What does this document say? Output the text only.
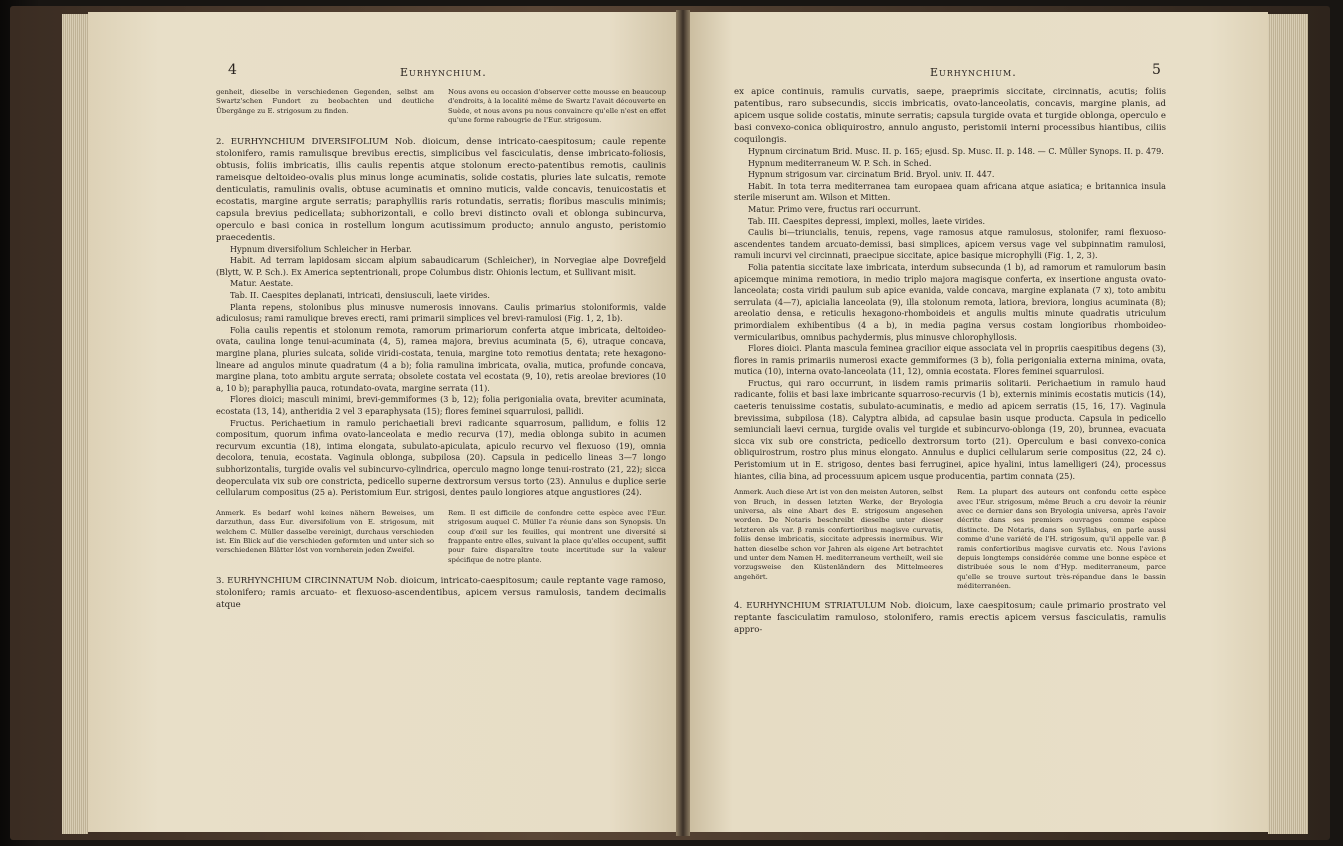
4	Eurhynchium.
genheit, dieselbe in verschiedenen Gegenden, selbst am Swartz'schen Fundort zu beobachten und deutliche Übergänge zu E. strigosum zu finden.
Nous avons eu occasion d'observer cette mousse en beaucoup d'endroits, à la localité même de Swartz l'avait découverte en Suède, et nous avons pu nous convaincre qu'elle n'est en effet qu'une forme rabougrie de l'Eur. strigosum.
2. EURHYNCHIUM DIVERSIFOLIUM Nob. dioicum, dense intricato-caespitosum; caule repente stolonifero, ramis ramulisque brevibus erectis, simplicibus vel fasciculatis, dense imbricato-foliosis, obtusis, foliis imbricatis, illis caulis repentis atque stolonum erecto-patentibus remotis, caulinis rameisque deltoideo-ovalis plus minus longe acuminatis, solide costatis, pluries late sulcatis, remote denticulatis, ramulinis ovalis, obtuse acuminatis et omnino muticis, valde concavis, tenuicostatis et ecostatis, margine argute serratis; paraphylliis raris rotundatis, serratis; floribus masculis minimis; capsula brevius pedicellata; subhorizontali, e collo brevi distincto ovali et oblonga subincurva, operculo e basi conica in rostellum longum acutissimum producto; annulo angusto, peristomio praecedentis.

Hypnum diversifolium Schleicher in Herbar.

Habit. Ad terram lapidosam siccam alpium sabaudicarum (Schleicher), in Norvegiae alpe Dovrefjeld (Blytt, W. P. Sch.). Ex America septentrionali, prope Columbus distr. Ohionis lectum, et Sullivant misit.

Matur. Aestate.

Tab. II. Caespites deplanati, intricati, densiusculi, laete virides.

Planta repens, stolonibus plus minusve numerosis innovans. Caulis primarius stoloniformis, valde adiculosus; rami ramulique breves erecti, rami primarii simplices vel brevi-ramulosi (Fig. 1, 2, 1b).

Folia caulis repentis et stolonum remota, ramorum primariorum conferta atque imbricata, deltoideo-ovata, caulina longe tenui-acuminata (4, 5), ramea majora, brevius acuminata (5, 6), utraque concava, margine plana, pluries sulcata, solide viridi-costata, tenuia, margine toto remotius dentata; rete hexagono-lineare ad angulos minute quadratum (4 a b); folia ramulina imbricata, ovalia, mutica, profunde concava, margine plana, toto ambitu argute serrata; obsolete costata vel ecostata (9, 10), retis areolae breviores (10 a, 10 b); paraphyllia pauca, rotundato-ovata, margine serrata (11).

Flores dioici; masculi minimi, brevi-gemmiformes (3 b, 12); folia perigonialia ovata, breviter acuminata, ecostata (13, 14), antheridia 2 vel 3 eparaphysata (15); flores feminei squarrulosi, pallidi.

Fructus. Perichaetium in ramulo perichaetiali brevi radicante squarrosum, pallidum, e foliis 12 compositum, quorum infima ovato-lanceolata e medio recurva (17), media oblonga subito in acumen recurvum excuntia (18), intima elongata, subulato-apiculata, apiculo recurvo vel flexuoso (19), omnia decolora, tenuia, ecostata. Vaginula oblonga, subpilosa (20). Capsula in pedicello lineas 3—7 longo subhorizontalis, turgide ovalis vel subincurvo-cylindrica, operculo magno longe tenui-rostrato (21, 22); sicca deoperculata vix sub ore constricta, pedicello superne dextrorsum versus torto (23). Annulus e duplice serie cellularum compositus (25 a). Peristomium Eur. strigosi, dentes paulo longiores atque angustiores (24).

Anmerk. Es bedarf wohl keines nähern Beweises, um darzuthun, dass Eur. diversifolium von E. strigosum, mit welchem C. Müller dasselbe vereinigt, durchaus verschieden ist. Ein Blick auf die verschieden geformten und unter sich so verschiedenen Blätter löst von vornherein jeden Zweifel.
Rem. Il est difficile de confondre cette espèce avec l'Eur. strigosum auquel C. Müller l'a réunie dans son Synopsis. Un coup d'œil sur les feuilles, qui montrent une diversité si frappante entre elles, suivant la place qu'elles occupent, suffit pour faire disparaître toute incertitude sur la valeur spécifique de notre plante.
3. EURHYNCHIUM CIRCINNATUM Nob. dioicum, intricato-caespitosum; caule reptante vage ramoso, stolonifero; ramis arcuato- et flexuoso-ascendentibus, apicem versus ramulosis, tandem decimalis atque
Eurhynchium.	5
ex apice continuis, ramulis curvatis, saepe, praeprimis siccitate, circinnatis, acutis; foliis patentibus, raro subsecundis, siccis imbricatis, ovato-lanceolatis, concavis, margine planis, ad apicem usque solide costatis, minute serratis; capsula turgide ovata et turgide oblonga, operculo e basi convexo-conica obliquirostro, annulo angusto, peristomii interni processibus hiantibus, ciliis coquilongis.

Hypnum circinatum Brid. Musc. II. p. 165; ejusd. Sp. Musc. II. p. 148. — C. Müller Synops. II. p. 479.

Hypnum mediterraneum W. P. Sch. in Sched.

Hypnum strigosum var. circinatum Brid. Bryol. univ. II. 447.

Habit. In tota terra mediterranea tam europaea quam africana atque asiatica; e britannica insula sterile miserunt am. Wilson et Mitten.

Matur. Primo vere, fructus rari occurrunt.

Tab. III. Caespites depressi, implexi, molles, laete virides.

Caulis bi—triuncialis, tenuis, repens, vage ramosus atque ramulosus, stolonifer, rami flexuoso-ascendentes tandem arcuato-demissi, basi simplices, apicem versus vage vel subpinnatim ramulosi, ramuli incurvi vel circinnati, praecipue siccitate, apice basique microphylli (Fig. 1, 2, 3).

Folia patentia siccitate laxe imbricata, interdum subsecunda (1 b), ad ramorum et ramulorum basin apicemque minima remotiora, in medio triplo majora magisque conferta, ex insertione angusta ovato-lanceolata; costa viridi paulum sub apice evanida, valde concava, margine explanata (7 x), toto ambitu serrulata (4—7), apicialia lanceolata (9), illa stolonum remota, latiora, breviora, longius acuminata (8); areolatio densa, e reticulis hexagono-rhomboideis et angulis multis minute quadratis utriculum primordialem exhibentibus (4 a b), in media pagina versus costam longioribus rhomboideo-vermicularibus, omnibus pachydermis, plus minusve chlorophyllosis.

Flores dioici. Planta mascula feminea gracilior eique associata vel in propriis caespitibus degens (3), flores in ramis primariis numerosi exacte gemmiformes (3 b), folia perigonialia externa minima, ovata, mutica (10), interna ovato-lanceolata (11, 12), omnia ecostata. Flores feminei squarrulosi.

Fructus, qui raro occurrunt, in iisdem ramis primariis solitarii. Perichaetium in ramulo haud radicante, foliis et basi laxe imbricante squarroso-recurvis (1 b), externis minimis ecostatis muticis (14), caeteris tenuissime costatis, subulato-acuminatis, e medio ad apicem serratis (15, 16, 17). Vaginula brevissima, subpilosa (18). Calyptra albida, ad capsulae basin usque producta. Capsula in pedicello semiunciali laevi cernua, turgide ovalis vel turgide et subincurvo-oblonga (19, 20), brunnea, evacuata sicca vix sub ore constricta, pedicello dextrorsum torto (21). Operculum e basi convexo-conica obliquirostrum, rostro plus minus elongato. Annulus e duplici cellularum serie compositus (22, 24 c). Peristomium ut in E. strigoso, dentes basi ferruginei, apice hyalini, intus lamelligeri (24), processus hiantes, cilia bina, ad processuum apicem usque producentia, partim connata (25).

Anmerk. Auch diese Art ist von den meisten Autoren, selbst von Bruch, in dessen letzten Werke, der Bryologia universa, als eine Abart des E. strigosum angesehen worden. De Notaris beschreibt dieselbe unter dieser letzteren als var. β ramis confertioribus magisve curvatis, foliis dense imbricatis, siccitate adpressis inermibus. Wir hatten dieselbe schon vor Jahren als eigene Art betrachtet und unter dem Namen H. mediterraneum vertheilt, weil sie vorzugsweise den Küstenländern des Mittelmeeres angehört.
Rem. La plupart des auteurs ont confondu cette espèce avec l'Eur. strigosum, même Bruch a cru devoir la réunir avec ce dernier dans son Bryologia universa, après l'avoir décrite dans ses premiers ouvrages comme espèce distincte. De Notaris, dans son Syllabus, en parle aussi comme d'une variété de l'H. strigosum, qu'il appelle var. β ramis confertioribus magisve curvatis etc. Nous l'avions depuis longtemps considérée comme une bonne espèce et distribuée sous le nom d'Hyp. mediterraneum, parce qu'elle se trouve surtout très-répandue dans le bassin méditerranéen.
4. EURHYNCHIUM STRIATULUM Nob. dioicum, laxe caespitosum; caule primario prostrato vel reptante fasciculatim ramuloso, stolonifero, ramis erectis apicem versus fasciculatis, ramulis appro-
